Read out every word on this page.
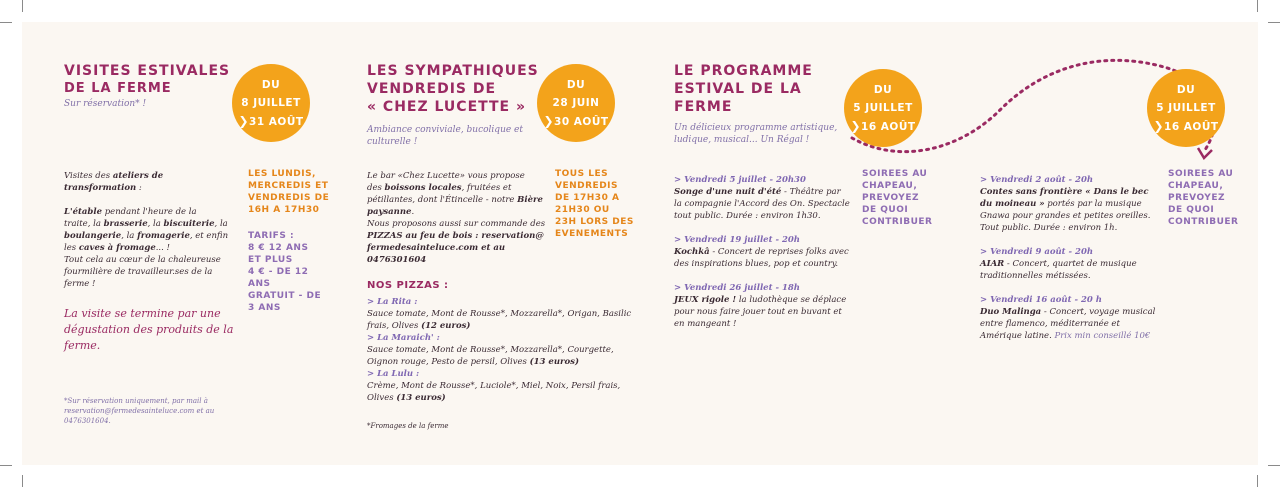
VISITES ESTIVALES
DE LA FERME
Sur réservation* !
DU
8 JUILLET
❯31 AOÛT
LES LUNDIS,
MERCREDIS ET
VENDREDIS DE
16H A 17H30
TARIFS :
8 € 12 ANS
ET PLUS
4 € - DE 12
ANS
GRATUIT - DE
3 ANS
Visites des ateliers de
transformation :

L'étable pendant l'heure de la
traite, la brasserie, la biscuiterie, la
boulangerie, la fromagerie, et enfin
les caves à fromage... !
Tout cela au cœur de la chaleureuse
fourmilière de travailleur.ses de la
ferme !
La visite se termine par une
dégustation des produits de la
ferme.
*Sur réservation uniquement, par mail à
reservation@fermedesainteluce.com et au
0476301604.
LES SYMPATHIQUES
VENDREDIS DE
« CHEZ LUCETTE »
Ambiance conviviale, bucolique et
culturelle !
DU
28 JUIN
❯30 AOÛT
TOUS LES
VENDREDIS
DE 17H30 A
21H30 OU
23H LORS DES
EVENEMENTS
Le bar «Chez Lucette» vous propose
des boissons locales, fruitées et
pétillantes, dont l'Étincelle - notre Bière
paysanne.
Nous proposons aussi sur commande des
PIZZAS au feu de bois : reservation@
fermedesainteluce.com et au
0476301604
NOS PIZZAS :
> La Rita :
Sauce tomate, Mont de Rousse*, Mozzarella*, Origan, Basilic
frais, Olives (12 euros)
> La Maraich' :
Sauce tomate, Mont de Rousse*, Mozzarella*, Courgette,
Oignon rouge, Pesto de persil, Olives (13 euros)
> La Lulu :
Crème, Mont de Rousse*, Luciole*, Miel, Noix, Persil frais,
Olives (13 euros)
*Fromages de la ferme
LE PROGRAMME
ESTIVAL DE LA
FERME
Un délicieux programme artistique,
ludique, musical... Un Régal !
DU
5 JUILLET
❯16 AOÛT
DU
5 JUILLET
❯16 AOÛT
SOIREES AU
CHAPEAU,
PREVOYEZ
DE QUOI
CONTRIBUER
SOIREES AU
CHAPEAU,
PREVOYEZ
DE QUOI
CONTRIBUER
> Vendredi 5 juillet - 20h30
Songe d'une nuit d'été - Théâtre par
la compagnie l'Accord des On. Spectacle
tout public. Durée : environ 1h30.

> Vendredi 19 juillet - 20h
Kochkâ - Concert de reprises folks avec
des inspirations blues, pop et country.

> Vendredi 26 juillet - 18h
JEUX rigole ! la ludothèque se déplace
pour nous faire jouer tout en buvant et
en mangeant !
> Vendredi 2 août - 20h
Contes sans frontière « Dans le bec
du moineau » portés par la musique
Gnawa pour grandes et petites oreilles.
Tout public. Durée : environ 1h.

> Vendredi 9 août - 20h
AIAR - Concert, quartet de musique
traditionnelles métissées.

> Vendredi 16 août - 20 h
Duo Malinga - Concert, voyage musical
entre flamenco, méditerranée et
Amérique latine. Prix min conseillé 10€
